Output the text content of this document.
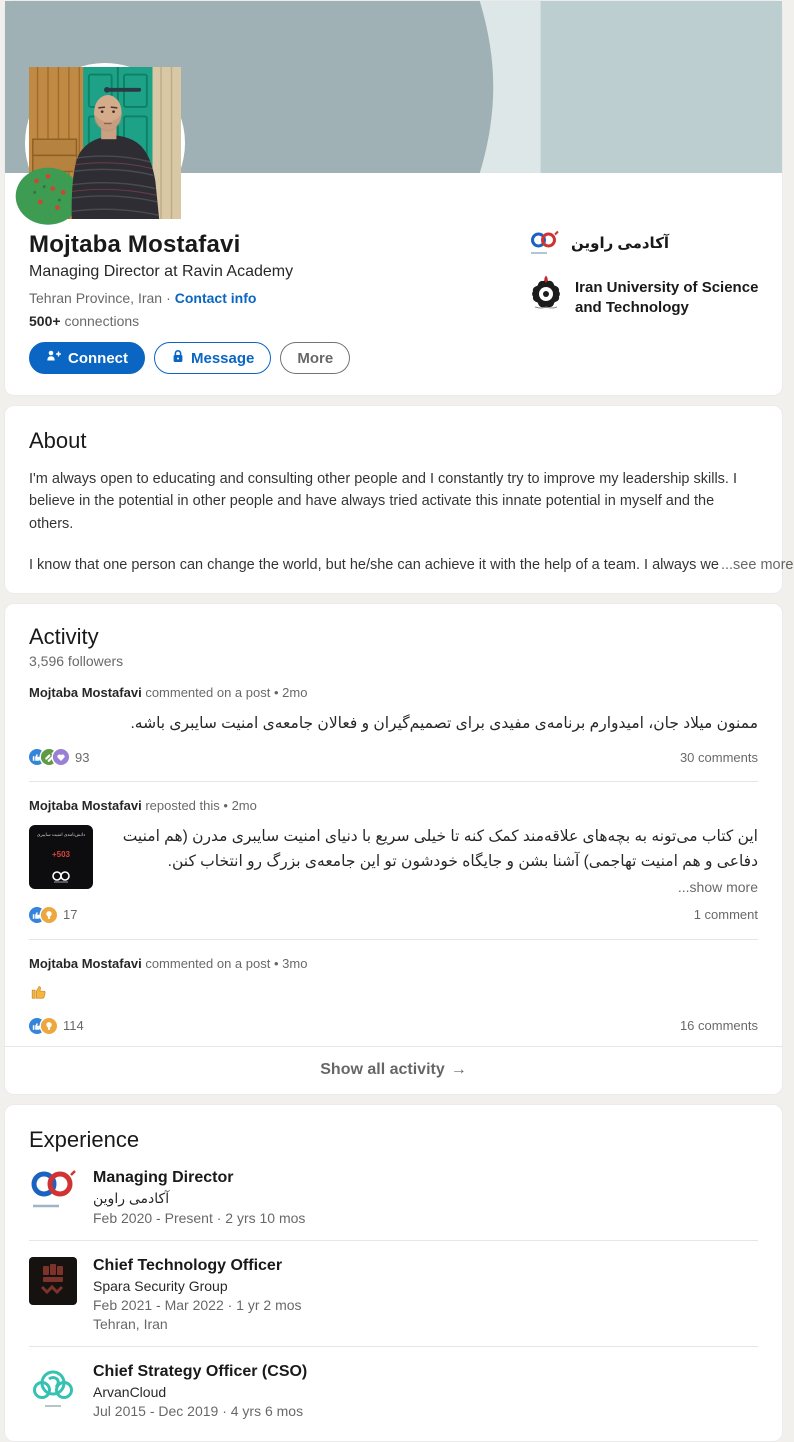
Mojtaba Mostafavi
Managing Director at Ravin Academy
Tehran Province, Iran · Contact info
500+ connections
Connect	Message	More
آکادمی راوین
Iran University of Science and Technology
About

I'm always open to educating and consulting other people and I constantly try to improve my leadership skills. I believe in the potential in other people and have always tried activate this innate potential in myself and the others.

I know that one person can change the world, but he/she can achieve it with the help of a team. I always we ...see more
Activity
3,596 followers
Mojtaba Mostafavi commented on a post • 2mo
ممنون میلاد جان، امیدوارم برنامه‌ی مفیدی برای تصمیم‌گیران و فعالان جامعه‌ی امنیت سایبری باشه.
93	30 comments
Mojtaba Mostafavi reposted this • 2mo
دانش‌نامه‌ی امنیت سایبری
+503
این کتاب می‌تونه به بچه‌های علاقه‌مند کمک کنه تا خیلی سریع با دنیای امنیت سایبری مدرن (هم امنیت دفاعی و هم امنیت تهاجمی) آشنا بشن و جایگاه خودشون تو این جامعه‌ی بزرگ رو انتخاب کنن.
...show more
17	1 comment
Mojtaba Mostafavi commented on a post • 3mo
114	16 comments
Show all activity →
Experience
Managing Director
آکادمی راوین
Feb 2020 - Present · 2 yrs 10 mos
Chief Technology Officer
Spara Security Group
Feb 2021 - Mar 2022 · 1 yr 2 mos
Tehran, Iran
Chief Strategy Officer (CSO)
ArvanCloud
Jul 2015 - Dec 2019 · 4 yrs 6 mos
